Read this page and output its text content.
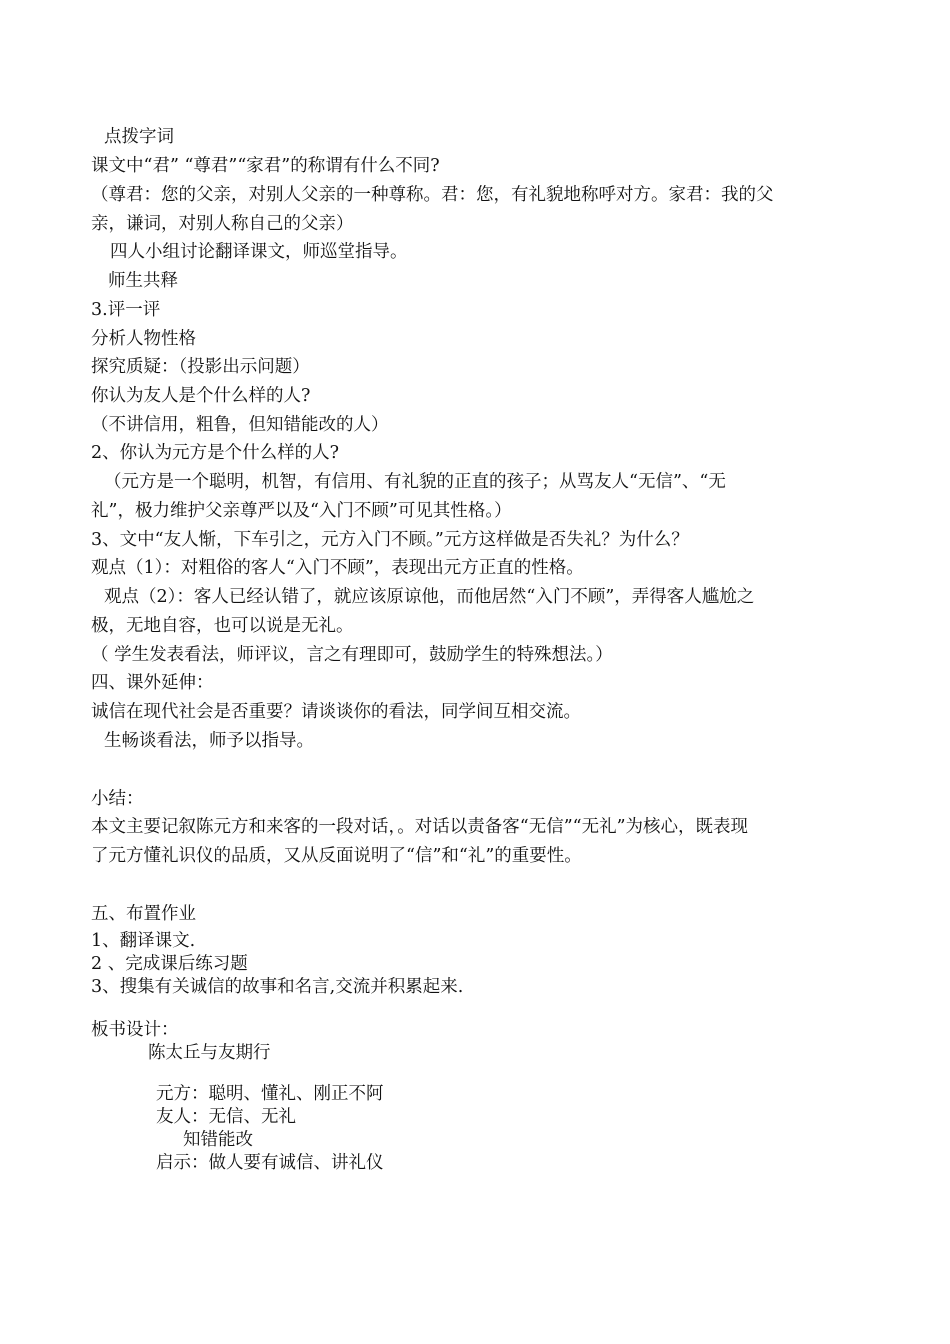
点拨字词
课文中“君” “尊君”“家君”的称谓有什么不同?
（尊君：您的父亲，对别人父亲的一种尊称。君：您，有礼貌地称呼对方。家君：我的父
亲，谦词，对别人称自己的父亲）
四人小组讨论翻译课文，师巡堂指导。
师生共释
3.评一评
分析人物性格
探究质疑：（投影出示问题）
你认为友人是个什么样的人?
（不讲信用，粗鲁，但知错能改的人）
2、你认为元方是个什么样的人?
（元方是一个聪明，机智，有信用、有礼貌的正直的孩子；从骂友人“无信”、“无
礼”，极力维护父亲尊严以及“入门不顾”可见其性格。）
3、文中“友人惭，下车引之，元方入门不顾。”元方这样做是否失礼？为什么？
观点（1）：对粗俗的客人“入门不顾”，表现出元方正直的性格。
观点（2）：客人已经认错了，就应该原谅他，而他居然“入门不顾”，弄得客人尴尬之
极，无地自容，也可以说是无礼。
（ 学生发表看法，师评议，言之有理即可，鼓励学生的特殊想法。）
四、课外延伸：
诚信在现代社会是否重要？请谈谈你的看法，同学间互相交流。
生畅谈看法，师予以指导。
小结：
本文主要记叙陈元方和来客的一段对话，。对话以责备客“无信”“无礼”为核心，既表现
了元方懂礼识仪的品质，又从反面说明了“信”和“礼”的重要性。
五、布置作业
1、翻译课文.
2 、完成课后练习题
3、搜集有关诚信的故事和名言,交流并积累起来.
板书设计：
陈太丘与友期行
元方：聪明、懂礼、刚正不阿
友人：无信、无礼
知错能改
启示：做人要有诚信、讲礼仪
